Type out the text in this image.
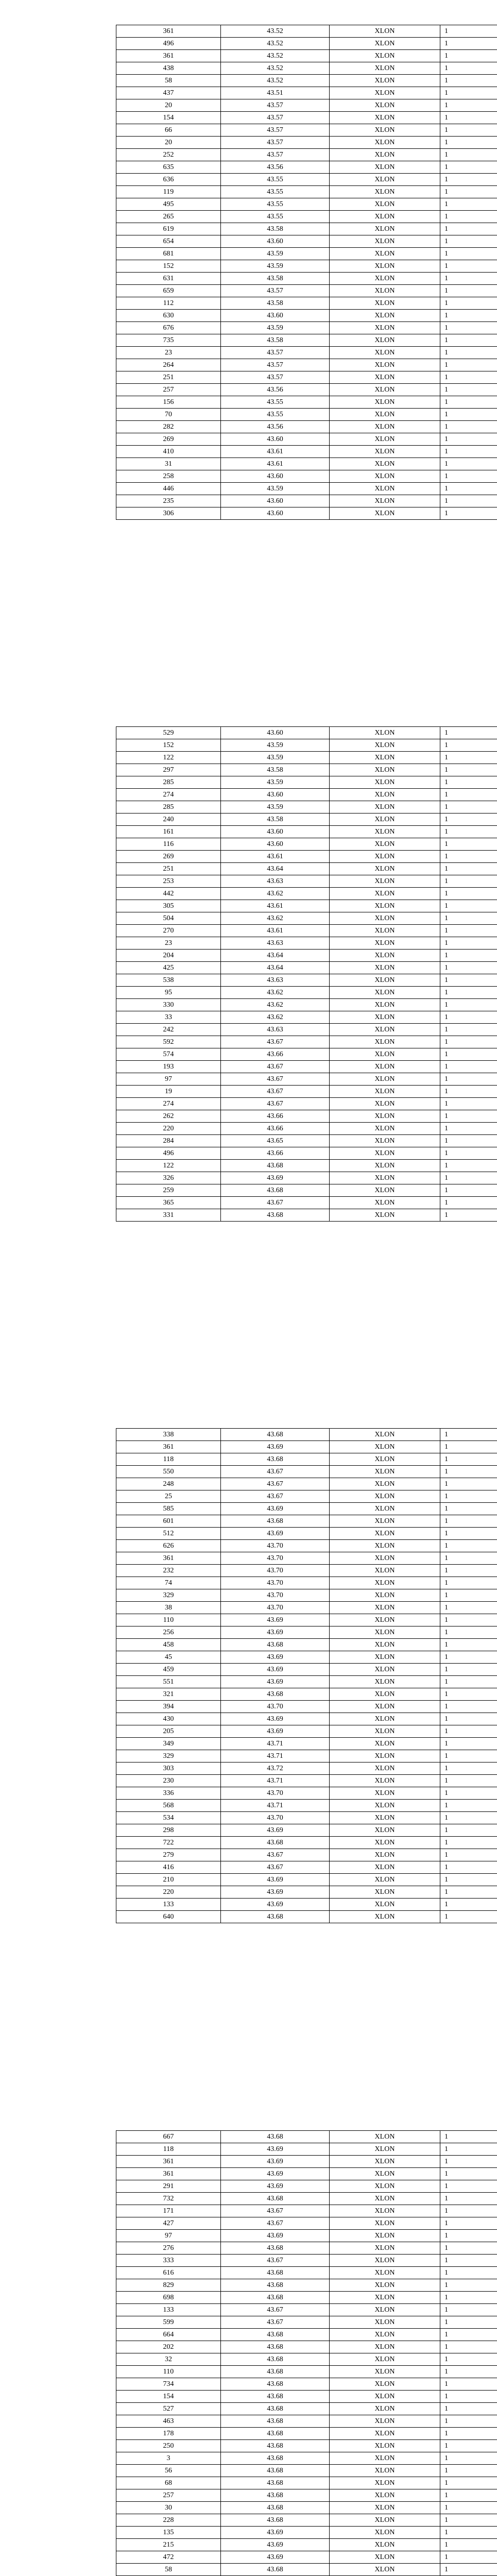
361	43.52	XLON	1
496	43.52	XLON	1
361	43.52	XLON	1
438	43.52	XLON	1
58	43.52	XLON	1
437	43.51	XLON	1
20	43.57	XLON	1
154	43.57	XLON	1
66	43.57	XLON	1
20	43.57	XLON	1
252	43.57	XLON	1
635	43.56	XLON	1
636	43.55	XLON	1
119	43.55	XLON	1
495	43.55	XLON	1
265	43.55	XLON	1
619	43.58	XLON	1
654	43.60	XLON	1
681	43.59	XLON	1
152	43.59	XLON	1
631	43.58	XLON	1
659	43.57	XLON	1
112	43.58	XLON	1
630	43.60	XLON	1
676	43.59	XLON	1
735	43.58	XLON	1
23	43.57	XLON	1
264	43.57	XLON	1
251	43.57	XLON	1
257	43.56	XLON	1
156	43.55	XLON	1
70	43.55	XLON	1
282	43.56	XLON	1
269	43.60	XLON	1
410	43.61	XLON	1
31	43.61	XLON	1
258	43.60	XLON	1
446	43.59	XLON	1
235	43.60	XLON	1
306	43.60	XLON	1
529	43.60	XLON	1
152	43.59	XLON	1
122	43.59	XLON	1
297	43.58	XLON	1
285	43.59	XLON	1
274	43.60	XLON	1
285	43.59	XLON	1
240	43.58	XLON	1
161	43.60	XLON	1
116	43.60	XLON	1
269	43.61	XLON	1
251	43.64	XLON	1
253	43.63	XLON	1
442	43.62	XLON	1
305	43.61	XLON	1
504	43.62	XLON	1
270	43.61	XLON	1
23	43.63	XLON	1
204	43.64	XLON	1
425	43.64	XLON	1
538	43.63	XLON	1
95	43.62	XLON	1
330	43.62	XLON	1
33	43.62	XLON	1
242	43.63	XLON	1
592	43.67	XLON	1
574	43.66	XLON	1
193	43.67	XLON	1
97	43.67	XLON	1
19	43.67	XLON	1
274	43.67	XLON	1
262	43.66	XLON	1
220	43.66	XLON	1
284	43.65	XLON	1
496	43.66	XLON	1
122	43.68	XLON	1
326	43.69	XLON	1
259	43.68	XLON	1
365	43.67	XLON	1
331	43.68	XLON	1
338	43.68	XLON	1
361	43.69	XLON	1
118	43.68	XLON	1
550	43.67	XLON	1
248	43.67	XLON	1
25	43.67	XLON	1
585	43.69	XLON	1
601	43.68	XLON	1
512	43.69	XLON	1
626	43.70	XLON	1
361	43.70	XLON	1
232	43.70	XLON	1
74	43.70	XLON	1
329	43.70	XLON	1
38	43.70	XLON	1
110	43.69	XLON	1
256	43.69	XLON	1
458	43.68	XLON	1
45	43.69	XLON	1
459	43.69	XLON	1
551	43.69	XLON	1
321	43.68	XLON	1
394	43.70	XLON	1
430	43.69	XLON	1
205	43.69	XLON	1
349	43.71	XLON	1
329	43.71	XLON	1
303	43.72	XLON	1
230	43.71	XLON	1
336	43.70	XLON	1
568	43.71	XLON	1
534	43.70	XLON	1
298	43.69	XLON	1
722	43.68	XLON	1
279	43.67	XLON	1
416	43.67	XLON	1
210	43.69	XLON	1
220	43.69	XLON	1
133	43.69	XLON	1
640	43.68	XLON	1
667	43.68	XLON	1
118	43.69	XLON	1
361	43.69	XLON	1
361	43.69	XLON	1
291	43.69	XLON	1
732	43.68	XLON	1
171	43.67	XLON	1
427	43.67	XLON	1
97	43.69	XLON	1
276	43.68	XLON	1
333	43.67	XLON	1
616	43.68	XLON	1
829	43.68	XLON	1
698	43.68	XLON	1
133	43.67	XLON	1
599	43.67	XLON	1
664	43.68	XLON	1
202	43.68	XLON	1
32	43.68	XLON	1
110	43.68	XLON	1
734	43.68	XLON	1
154	43.68	XLON	1
527	43.68	XLON	1
463	43.68	XLON	1
178	43.68	XLON	1
250	43.68	XLON	1
3	43.68	XLON	1
56	43.68	XLON	1
68	43.68	XLON	1
257	43.68	XLON	1
30	43.68	XLON	1
228	43.68	XLON	1
135	43.69	XLON	1
215	43.69	XLON	1
472	43.69	XLON	1
58	43.68	XLON	1
